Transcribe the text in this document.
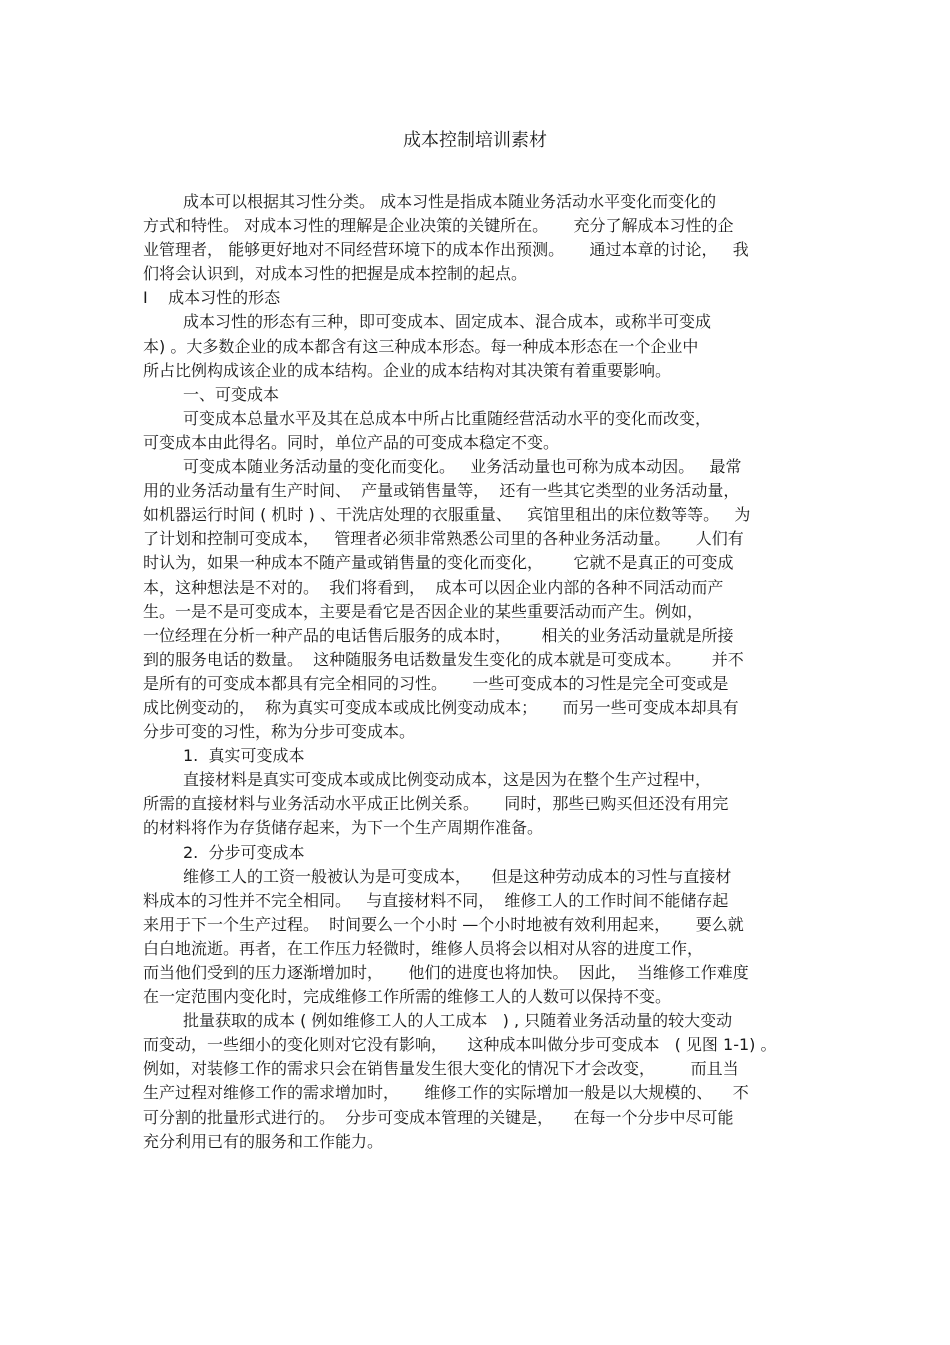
成本控制培训素材
成本可以根据其习性分类。 成本习性是指成本随业务活动水平变化而变化的
方式和特性。 对成本习性的理解是企业决策的关键所在。     充分了解成本习性的企
业管理者， 能够更好地对不同经营环境下的成本作出预测。     通过本章的讨论，   我
们将会认识到，对成本习性的把握是成本控制的起点。
I    成本习性的形态
成本习性的形态有三种，即可变成本、固定成本、混合成本，或称半可变成
本) 。大多数企业的成本都含有这三种成本形态。每一种成本形态在一个企业中
所占比例构成该企业的成本结构。企业的成本结构对其决策有着重要影响。
一、可变成本
可变成本总量水平及其在总成本中所占比重随经营活动水平的变化而改变，
可变成本由此得名。同时，单位产品的可变成本稳定不变。
可变成本随业务活动量的变化而变化。   业务活动量也可称为成本动因。   最常
用的业务活动量有生产时间、  产量或销售量等，  还有一些其它类型的业务活动量，
如机器运行时间 ( 机时 ) 、干洗店处理的衣服重量、   宾馆里租出的床位数等等。   为
了计划和控制可变成本，   管理者必须非常熟悉公司里的各种业务活动量。     人们有
时认为，如果一种成本不随产量或销售量的变化而变化，      它就不是真正的可变成
本，这种想法是不对的。  我们将看到，  成本可以因企业内部的各种不同活动而产
生。一是不是可变成本，主要是看它是否因企业的某些重要活动而产生。例如，
一位经理在分析一种产品的电话售后服务的成本时，      相关的业务活动量就是所接
到的服务电话的数量。  这种随服务电话数量发生变化的成本就是可变成本。      并不
是所有的可变成本都具有完全相同的习性。     一些可变成本的习性是完全可变或是
成比例变动的，  称为真实可变成本或成比例变动成本；     而另一些可变成本却具有
分步可变的习性，称为分步可变成本。
1.  真实可变成本
直接材料是真实可变成本或成比例变动成本，这是因为在整个生产过程中，
所需的直接材料与业务活动水平成正比例关系。     同时，那些已购买但还没有用完
的材料将作为存货储存起来，为下一个生产周期作准备。
2.  分步可变成本
维修工人的工资一般被认为是可变成本，    但是这种劳动成本的习性与直接材
料成本的习性并不完全相同。   与直接材料不同，  维修工人的工作时间不能储存起
来用于下一个生产过程。  时间要么一个小时 —个小时地被有效利用起来，     要么就
白白地流逝。再者，在工作压力轻微时，维修人员将会以相对从容的进度工作，
而当他们受到的压力逐渐增加时，     他们的进度也将加快。  因此，  当维修工作难度
在一定范围内变化时，完成维修工作所需的维修工人的人数可以保持不变。
批量获取的成本 ( 例如维修工人的人工成本   ) , 只随着业务活动量的较大变动
而变动，一些细小的变化则对它没有影响，    这种成本叫做分步可变成本   ( 见图 1-1) 。
例如，对装修工作的需求只会在销售量发生很大变化的情况下才会改变，       而且当
生产过程对维修工作的需求增加时，     维修工作的实际增加一般是以大规模的、    不
可分割的批量形式进行的。  分步可变成本管理的关键是，    在每一个分步中尽可能
充分利用已有的服务和工作能力。
